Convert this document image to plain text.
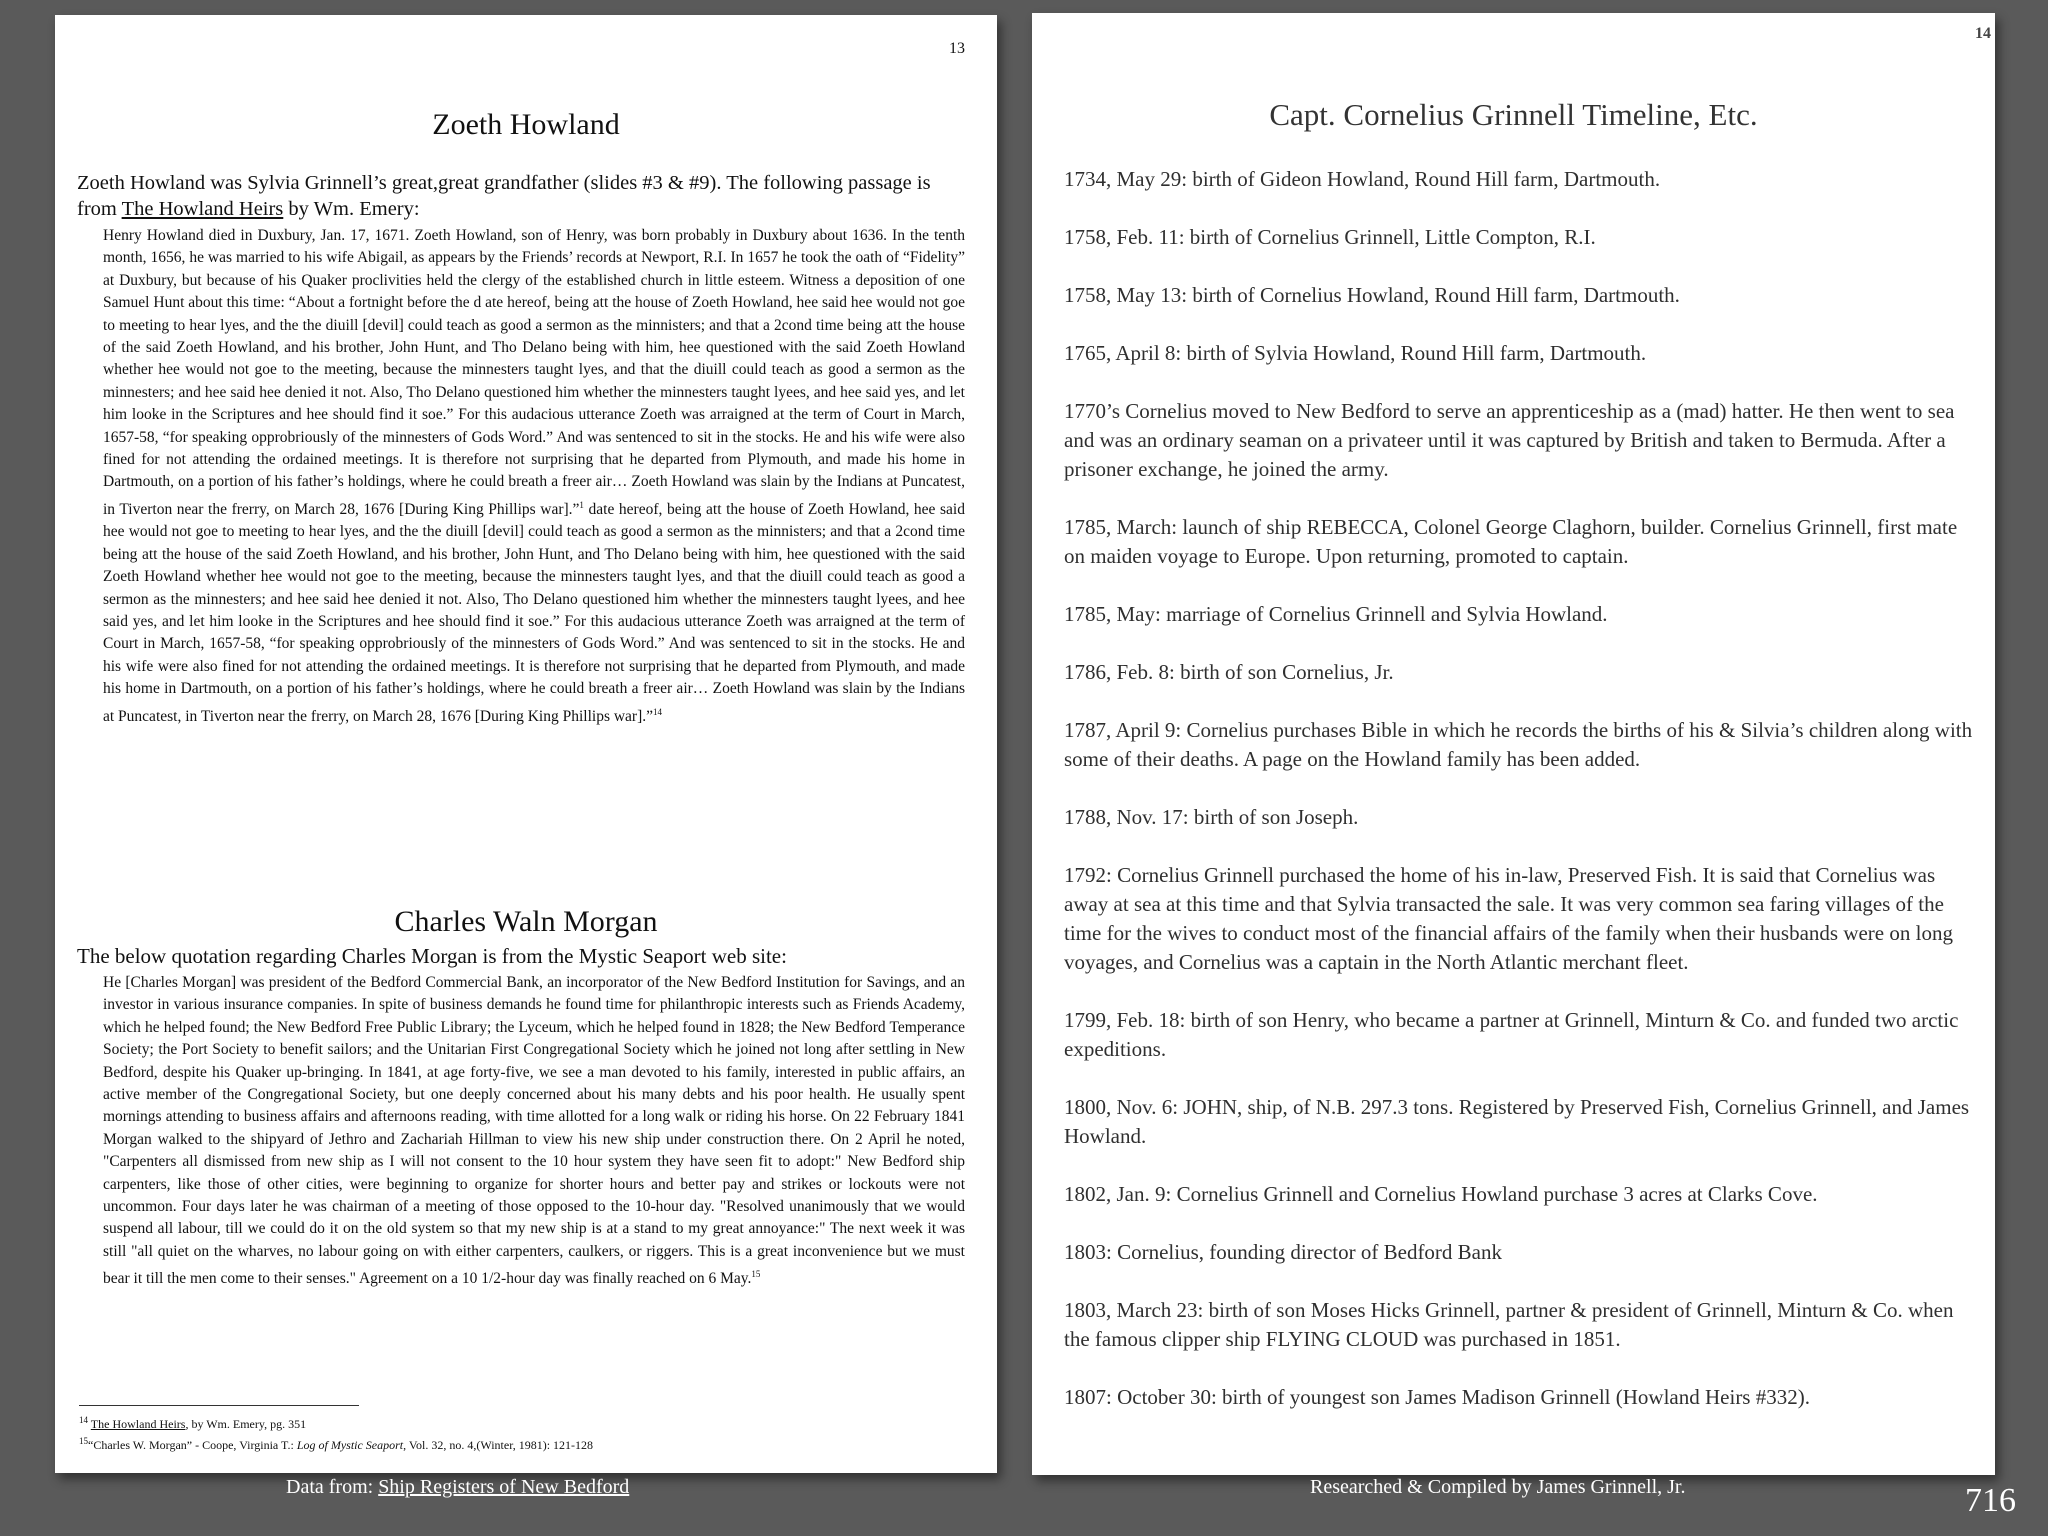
13
Zoeth Howland
Zoeth Howland was Sylvia Grinnell’s great,great grandfather (slides #3 & #9). The following passage is from The Howland Heirs by Wm. Emery:
Henry Howland died in Duxbury, Jan. 17, 1671. Zoeth Howland, son of Henry, was born probably in Duxbury about 1636. In the tenth month, 1656, he was married to his wife Abigail, as appears by the Friends’ records at Newport, R.I. In 1657 he took the oath of “Fidelity” at Duxbury, but because of his Quaker proclivities held the clergy of the established church in little esteem. Witness a deposition of one Samuel Hunt about this time: “About a fortnight before the d ate hereof, being att the house of Zoeth Howland, hee said hee would not goe to meeting to hear lyes, and the the diuill [devil] could teach as good a sermon as the minnisters; and that a 2cond time being att the house of the said Zoeth Howland, and his brother, John Hunt, and Tho Delano being with him, hee questioned with the said Zoeth Howland whether hee would not goe to the meeting, because the minnesters taught lyes, and that the diuill could teach as good a sermon as the minnesters; and hee said hee denied it not. Also, Tho Delano questioned him whether the minnesters taught lyees, and hee said yes, and let him looke in the Scriptures and hee should find it soe.” For this audacious utterance Zoeth was arraigned at the term of Court in March, 1657-58, “for speaking opprobriously of the minnesters of Gods Word.” And was sentenced to sit in the stocks. He and his wife were also fined for not attending the ordained meetings. It is therefore not surprising that he departed from Plymouth, and made his home in Dartmouth, on a portion of his father’s holdings, where he could breath a freer air… Zoeth Howland was slain by the Indians at Puncatest, in Tiverton near the frerry, on March 28, 1676 [During King Phillips war].”$^1$ date hereof, being att the house of Zoeth Howland, hee said hee would not goe to meeting to hear lyes, and the the diuill [devil] could teach as good a sermon as the minnisters; and that a 2cond time being att the house of the said Zoeth Howland, and his brother, John Hunt, and Tho Delano being with him, hee questioned with the said Zoeth Howland whether hee would not goe to the meeting, because the minnesters taught lyes, and that the diuill could teach as good a sermon as the minnesters; and hee said hee denied it not. Also, Tho Delano questioned him whether the minnesters taught lyees, and hee said yes, and let him looke in the Scriptures and hee should find it soe.” For this audacious utterance Zoeth was arraigned at the term of Court in March, 1657-58, “for speaking opprobriously of the minnesters of Gods Word.” And was sentenced to sit in the stocks. He and his wife were also fined for not attending the ordained meetings. It is therefore not surprising that he departed from Plymouth, and made his home in Dartmouth, on a portion of his father’s holdings, where he could breath a freer air… Zoeth Howland was slain by the Indians at Puncatest, in Tiverton near the frerry, on March 28, 1676 [During King Phillips war].”$^{14}$
Charles Waln Morgan
The below quotation regarding Charles Morgan is from the Mystic Seaport web site:
He [Charles Morgan] was president of the Bedford Commercial Bank, an incorporator of the New Bedford Institution for Savings, and an investor in various insurance companies. In spite of business demands he found time for philanthropic interests such as Friends Academy, which he helped found; the New Bedford Free Public Library; the Lyceum, which he helped found in 1828; the New Bedford Temperance Society; the Port Society to benefit sailors; and the Unitarian First Congregational Society which he joined not long after settling in New Bedford, despite his Quaker up-bringing. In 1841, at age forty-five, we see a man devoted to his family, interested in public affairs, an active member of the Congregational Society, but one deeply concerned about his many debts and his poor health. He usually spent mornings attending to business affairs and afternoons reading, with time allotted for a long walk or riding his horse. On 22 February 1841 Morgan walked to the shipyard of Jethro and Zachariah Hillman to view his new ship under construction there. On 2 April he noted, "Carpenters all dismissed from new ship as I will not consent to the 10 hour system they have seen fit to adopt:" New Bedford ship carpenters, like those of other cities, were beginning to organize for shorter hours and better pay and strikes or lockouts were not uncommon. Four days later he was chairman of a meeting of those opposed to the 10-hour day. "Resolved unanimously that we would suspend all labour, till we could do it on the old system so that my new ship is at a stand to my great annoyance:" The next week it was still "all quiet on the wharves, no labour going on with either carpenters, caulkers, or riggers. This is a great inconvenience but we must bear it till the men come to their senses." Agreement on a 10 1/2-hour day was finally reached on 6 May.$^{15}$
$^{14}$ The Howland Heirs, by Wm. Emery, pg. 351
$^{15}$“Charles W. Morgan” - Coope, Virginia T.: Log of Mystic Seaport, Vol. 32, no. 4,(Winter, 1981): 121-128
14
Capt. Cornelius Grinnell Timeline, Etc.
1734, May 29: birth of Gideon Howland, Round Hill farm, Dartmouth.
1758, Feb. 11: birth of Cornelius Grinnell, Little Compton, R.I.
1758, May 13: birth of Cornelius Howland, Round Hill farm, Dartmouth.
1765, April 8: birth of Sylvia Howland, Round Hill farm, Dartmouth.
1770’s Cornelius moved to New Bedford to serve an apprenticeship as a (mad) hatter. He then went to sea and was an ordinary seaman on a privateer until it was captured by British and taken to Bermuda. After a prisoner exchange, he joined the army.
1785, March: launch of ship REBECCA, Colonel George Claghorn, builder. Cornelius Grinnell, first mate on maiden voyage to Europe. Upon returning, promoted to captain.
1785, May: marriage of Cornelius Grinnell and Sylvia Howland.
1786, Feb. 8: birth of son Cornelius, Jr.
1787, April 9: Cornelius purchases Bible in which he records the births of his & Silvia’s children along with some of their deaths. A page on the Howland family has been added.
1788, Nov. 17: birth of son Joseph.
1792: Cornelius Grinnell purchased the home of his in-law, Preserved Fish. It is said that Cornelius was away at sea at this time and that Sylvia transacted the sale. It was very common sea faring villages of the time for the wives to conduct most of the financial affairs of the family when their husbands were on long voyages, and Cornelius was a captain in the North Atlantic merchant fleet.
1799, Feb. 18: birth of son Henry, who became a partner at Grinnell, Minturn & Co. and funded two arctic expeditions.
1800, Nov. 6: JOHN, ship, of N.B. 297.3 tons. Registered by Preserved Fish, Cornelius Grinnell, and James Howland.
1802, Jan. 9: Cornelius Grinnell and Cornelius Howland purchase 3 acres at Clarks Cove.
1803: Cornelius, founding director of Bedford Bank
1803, March 23: birth of son Moses Hicks Grinnell, partner & president of Grinnell, Minturn & Co. when the famous clipper ship FLYING CLOUD was purchased in 1851.
1807: October 30: birth of youngest son James Madison Grinnell (Howland Heirs #332).
Data from: Ship Registers of New Bedford	Researched & Compiled by James Grinnell, Jr.	716
